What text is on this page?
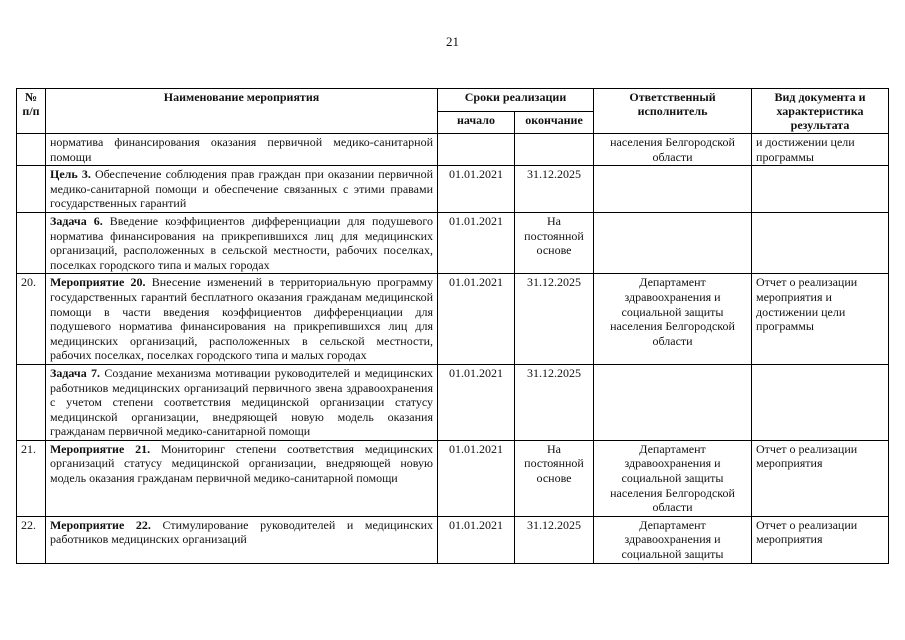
21
№ п/п	Наименование мероприятия	Сроки реализации		Ответственный исполнитель	Вид документа и характеристика результата
		начало	окончание		
	норматива финансирования оказания первичной медико-санитарной помощи			населения Белгородской области	и достижении цели программы
	Цель 3. Обеспечение соблюдения прав граждан при оказании первичной медико-санитарной помощи и обеспечение связанных с этими правами государственных гарантий	01.01.2021	31.12.2025		
	Задача 6. Введение коэффициентов дифференциации для подушевого норматива финансирования на прикрепившихся лиц для медицинских организаций, расположенных в сельской местности, рабочих поселках, поселках городского типа и малых городах	01.01.2021	На постоянной основе		
20.	Мероприятие 20. Внесение изменений в территориальную программу государственных гарантий бесплатного оказания гражданам медицинской помощи в части введения коэффициентов дифференциации для подушевого норматива финансирования на прикрепившихся лиц для медицинских организаций, расположенных в сельской местности, рабочих поселках, поселках городского типа и малых городах	01.01.2021	31.12.2025	Департамент здравоохранения и социальной защиты населения Белгородской области	Отчет о реализации мероприятия и достижении цели программы
	Задача 7. Создание механизма мотивации руководителей и медицинских работников медицинских организаций первичного звена здравоохранения с учетом степени соответствия медицинской организации статусу медицинской организации, внедряющей новую модель оказания гражданам первичной медико-санитарной помощи	01.01.2021	31.12.2025		
21.	Мероприятие 21. Мониторинг степени соответствия медицинских организаций статусу медицинской организации, внедряющей новую модель оказания гражданам первичной медико-санитарной помощи	01.01.2021	На постоянной основе	Департамент здравоохранения и социальной защиты населения Белгородской области	Отчет о реализации мероприятия
22.	Мероприятие 22. Стимулирование руководителей и медицинских работников медицинских организаций	01.01.2021	31.12.2025	Департамент здравоохранения и социальной защиты	Отчет о реализации мероприятия
